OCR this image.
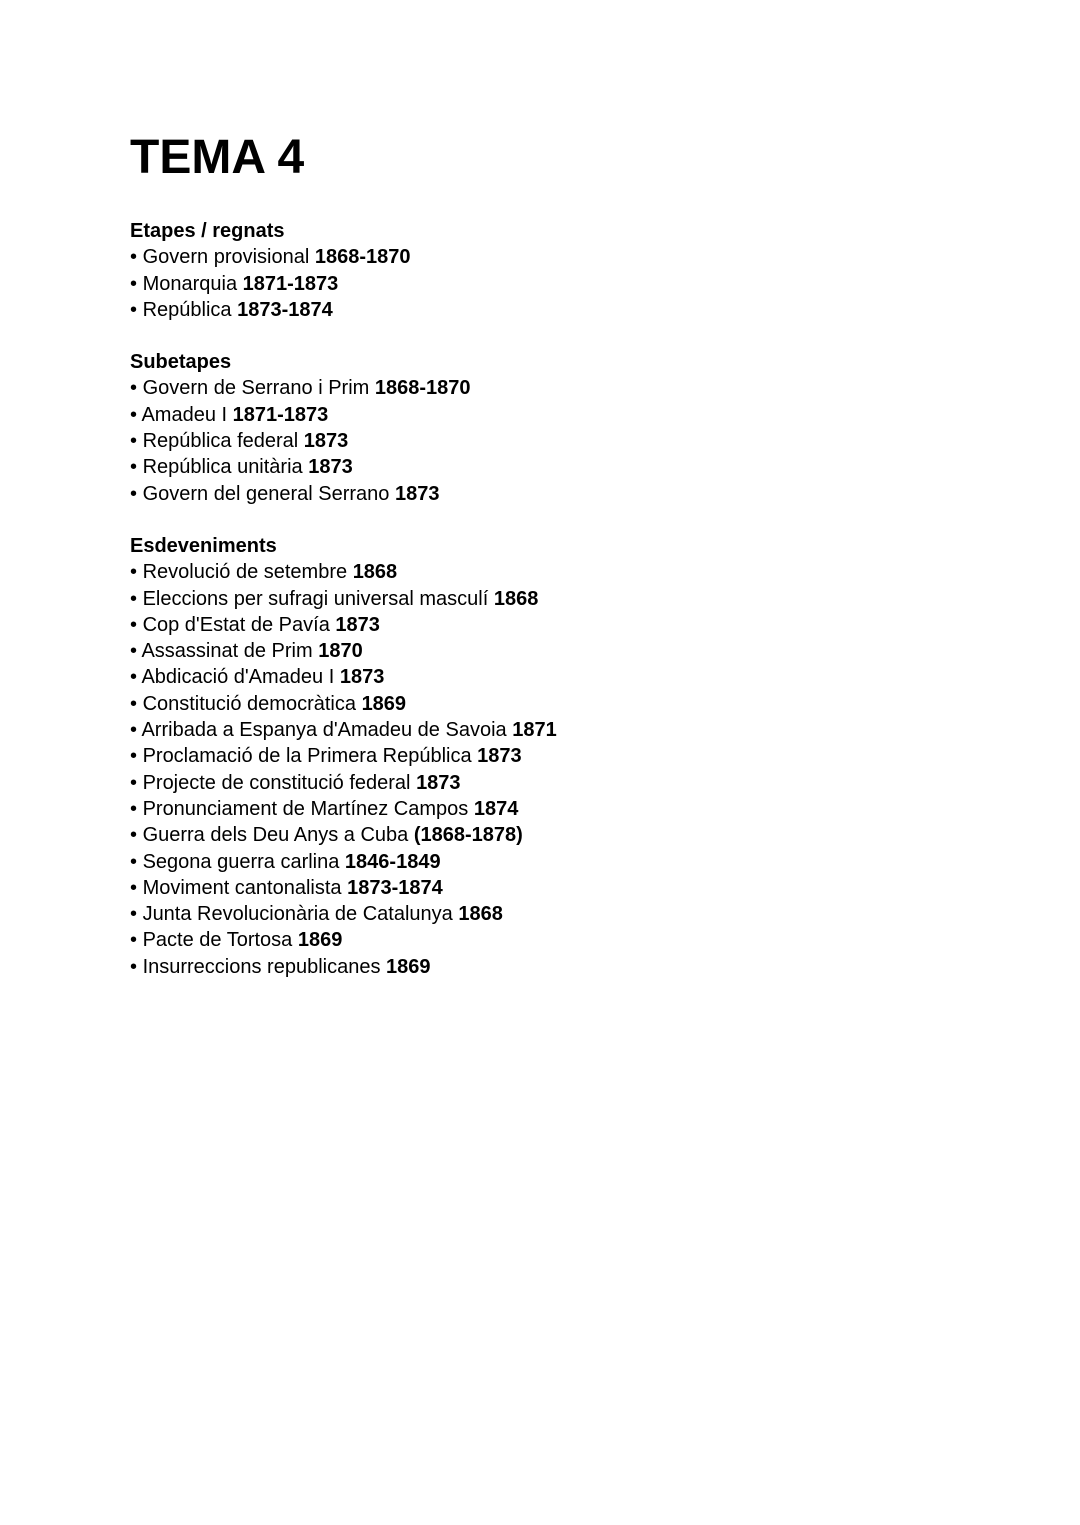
TEMA 4
Etapes / regnats
• Govern provisional 1868-1870
• Monarquia 1871-1873
• República 1873-1874
Subetapes
• Govern de Serrano i Prim 1868-1870
• Amadeu I 1871-1873
• República federal 1873
• República unitària 1873
• Govern del general Serrano 1873
Esdeveniments
• Revolució de setembre 1868
• Eleccions per sufragi universal masculí 1868
• Cop d'Estat de Pavía 1873
• Assassinat de Prim 1870
• Abdicació d'Amadeu I 1873
• Constitució democràtica 1869
• Arribada a Espanya d'Amadeu de Savoia 1871
• Proclamació de la Primera República 1873
• Projecte de constitució federal 1873
• Pronunciament de Martínez Campos 1874
• Guerra dels Deu Anys a Cuba (1868-1878)
• Segona guerra carlina 1846-1849
• Moviment cantonalista 1873-1874
• Junta Revolucionària de Catalunya 1868
• Pacte de Tortosa 1869
• Insurreccions republicanes 1869
